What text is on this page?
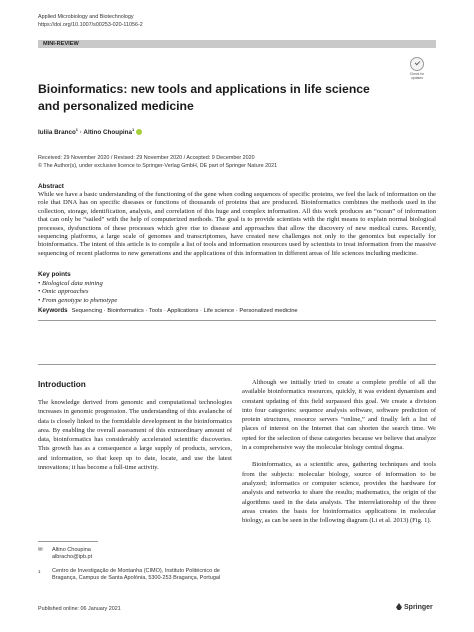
Applied Microbiology and Biotechnology
https://doi.org/10.1007/s00253-020-11056-2
MINI-REVIEW
Check for updates
Bioinformatics: new tools and applications in life science and personalized medicine
Iuliia Branco$^1$ · Altino Choupina$^1$
Received: 29 November 2020 / Revised: 29 November 2020 / Accepted: 9 December 2020
© The Author(s), under exclusive licence to Springer-Verlag GmbH, DE part of Springer Nature 2021
Abstract

While we have a basic understanding of the functioning of the gene when coding sequences of specific proteins, we feel the lack of information on the role that DNA has on specific diseases or functions of thousands of proteins that are produced. Bioinformatics combines the methods used in the collection, storage, identification, analysis, and correlation of this huge and complex information. All this work produces an “ocean” of information that can only be “sailed” with the help of computerized methods. The goal is to provide scientists with the right means to explain normal biological processes, dysfunctions of these processes which give rise to disease and approaches that allow the discovery of new medical cures. Recently, sequencing platforms, a large scale of genomes and transcriptomes, have created new challenges not only to the genomics but especially for bioinformatics. The intent of this article is to compile a list of tools and information resources used by scientists to treat information from the massive sequencing of recent platforms to new generations and the applications of this information in different areas of life sciences including medicine.

Key points
• Biological data mining
• Omic approaches
• From genotype to phenotype
Keywords Sequencing · Bioinformatics · Tools · Applications · Life science · Personalized medicine
Introduction

The knowledge derived from genomic and computational technologies increases in genomic progression. The understanding of this avalanche of data is closely linked to the formidable development in the bioinformatics area. By enabling the overall assessment of this extraordinary amount of data, bioinformatics has considerably accelerated scientific discoveries. This growth has as a consequence a large supply of products, services, and information, so that keep up to date, locate, and use the latest innovations; it has become a full-time activity.

Although we initially tried to create a complete profile of all the available bioinformatics resources, quickly, it was evident dynamism and constant updating of this field surpassed this goal. We create a division into four categories: sequence analysis software, software prediction of protein structures, resource servers “online,” and finally left a list of places of interest on the Internet that can shorten the search time. We opted for the selection of these categories because we believe that analyze in a comprehensive way the molecular biology central dogma.

Bioinformatics, as a scientific area, gathering techniques and tools from the subjects: molecular biology, source of information to be analyzed; informatics or computer science, provides the hardware for analysis and networks to share the results; mathematics, the origin of the algorithms used in the data analysis. The interrelationship of the three areas creates the basis for bioinformatics applications in molecular biology, as can be seen in the following diagram (Li et al. 2013) (Fig. 1).

✉	Altino Choupina
albracho@ipb.pt
$^1$	Centro de Investigação de Montanha (CIMO), Instituto Politécnico de Bragança, Campus de Santa Apolónia, 5300-253 Bragança, Portugal
Published online: 06 January 2021	Springer
